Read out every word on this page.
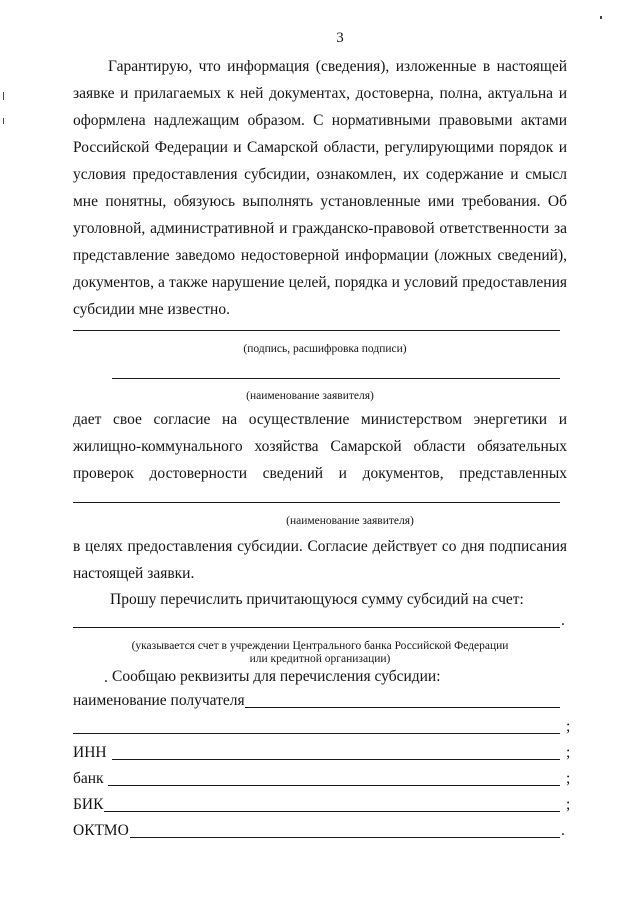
3
Гарантирую, что информация (сведения), изложенные в настоящей
заявке и прилагаемых к ней документах, достоверна, полна, актуальна и
оформлена надлежащим образом. С нормативными правовыми актами
Российской Федерации и Самарской области, регулирующими порядок и
условия предоставления субсидии, ознакомлен, их содержание и смысл
мне понятны, обязуюсь выполнять установленные ими требования. Об
уголовной, административной и гражданско-правовой ответственности за
представление заведомо недостоверной информации (ложных сведений),
документов, а также нарушение целей, порядка и условий предоставления
субсидии мне известно.
(подпись, расшифровка подписи)
(наименование заявителя)
дает свое согласие на осуществление министерством энергетики и
жилищно-коммунального хозяйства Самарской области обязательных
проверок достоверности сведений и документов, представленных
(наименование заявителя)
в целях предоставления субсидии. Согласие действует со дня подписания
настоящей заявки.
Прошу перечислить причитающуюся сумму субсидий на счет:
.
(указывается счет в учреждении Центрального банка Российской Федерации
или кредитной организации)
. Сообщаю реквизиты для перечисления субсидии:
наименование получателя
;
ИНН	;
банк	;
БИК	;
ОКТМО	.
